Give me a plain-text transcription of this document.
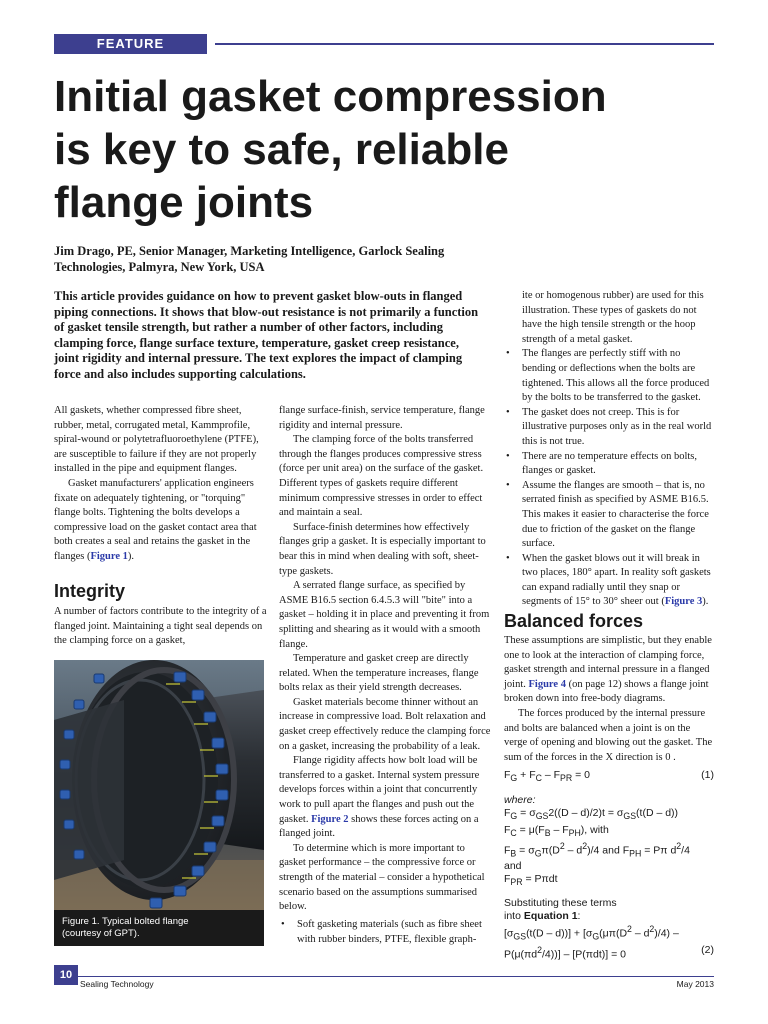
FEATURE
Initial gasket compression
is key to safe, reliable
flange joints
Jim Drago, PE, Senior Manager, Marketing Intelligence, Garlock Sealing Technologies, Palmyra, New York, USA
This article provides guidance on how to prevent gasket blow-outs in flanged piping connections. It shows that blow-out resistance is not primarily a function of gasket tensile strength, but rather a number of other factors, including clamping force, flange surface texture, temperature, gasket creep resistance, joint rigidity and internal pressure. The text explores the impact of clamping force and also includes supporting calculations.

All gaskets, whether compressed fibre sheet, rubber, metal, corrugated metal, Kammprofile, spiral-wound or polytetrafluoroethylene (PTFE), are susceptible to failure if they are not properly installed in the pipe and equipment flanges.

Gasket manufacturers' application engineers fixate on adequately tightening, or "torquing" flange bolts. Tightening the bolts develops a compressive load on the gasket contact area that both creates a seal and retains the gasket in the flanges (Figure 1).

Integrity
A number of factors contribute to the integrity of a flanged joint. Maintaining a tight seal depends on the clamping force on a gasket,
Figure 1. Typical bolted flange
(courtesy of GPT).

flange surface-finish, service temperature, flange rigidity and internal pressure.

The clamping force of the bolts transferred through the flanges produces compressive stress (force per unit area) on the surface of the gasket. Different types of gaskets require different minimum compressive stresses in order to effect and maintain a seal.

Surface-finish determines how effectively flanges grip a gasket. It is especially important to bear this in mind when dealing with soft, sheet-type gaskets.

A serrated flange surface, as specified by ASME B16.5 section 6.4.5.3 will "bite" into a gasket – holding it in place and preventing it from splitting and shearing as it would with a smooth flange.

Temperature and gasket creep are directly related. When the temperature increases, flange bolts relax as their yield strength decreases.

Gasket materials become thinner without an increase in compressive load. Bolt relaxation and gasket creep effectively reduce the clamping force on a gasket, increasing the probability of a leak.

Flange rigidity affects how bolt load will be transferred to a gasket. Internal system pressure develops forces within a joint that concurrently work to pull apart the flanges and push out the gasket. Figure 2 shows these forces acting on a flanged joint.

To determine which is more important to gasket performance – the compressive force or strength of the material – consider a hypothetical scenario based on the assumptions summarised below.

• Soft gasketing materials (such as fibre sheet with rubber binders, PTFE, flexible graph-

ite or homogenous rubber) are used for this illustration. These types of gaskets do not have the high tensile strength or the hoop strength of a metal gasket.

• The flanges are perfectly stiff with no bending or deflections when the bolts are tightened. This allows all the force produced by the bolts to be transferred to the gasket.
• The gasket does not creep. This is for illustrative purposes only as in the real world this is not true.
• There are no temperature effects on bolts, flanges or gasket.
• Assume the flanges are smooth – that is, no serrated finish as specified by ASME B16.5. This makes it easier to characterise the force due to friction of the gasket on the flange surface.
• When the gasket blows out it will break in two places, 180° apart. In reality soft gaskets can expand radially until they snap or segments of 15° to 30° sheer out (Figure 3).
Balanced forces

These assumptions are simplistic, but they enable one to look at the interaction of clamping force, gasket strength and internal pressure in a flanged joint. Figure 4 (on page 12) shows a flange joint broken down into free-body diagrams.

The forces produced by the internal pressure and bolts are balanced when a joint is on the verge of opening and blowing out the gasket. The sum of the forces in the X direction is 0 .

$F_G + F_C - F_{PR} = 0$	(1)

where:

$F_G = \sigma_{GS}2((D - d)/2)t = \sigma_{GS}(t(D - d))$

$F_C = \mu(F_B - F_{PH})$, with

$F_B = \sigma_G\pi(D^2 - d^2)/4$ and $F_{PH} = P\pi$ $d^2/4$

and

$F_{PR} = P\pi dt$

Substituting these terms

into Equation 1:

$[\sigma_{GS}(t(D - d))] + [\sigma_G(\mu\pi(D^2 - d^2)/4)$ –

$P(\mu(\pi d^2/4))] - [P(\pi dt)] = 0$	(2)
10
Sealing Technology	May 2013
